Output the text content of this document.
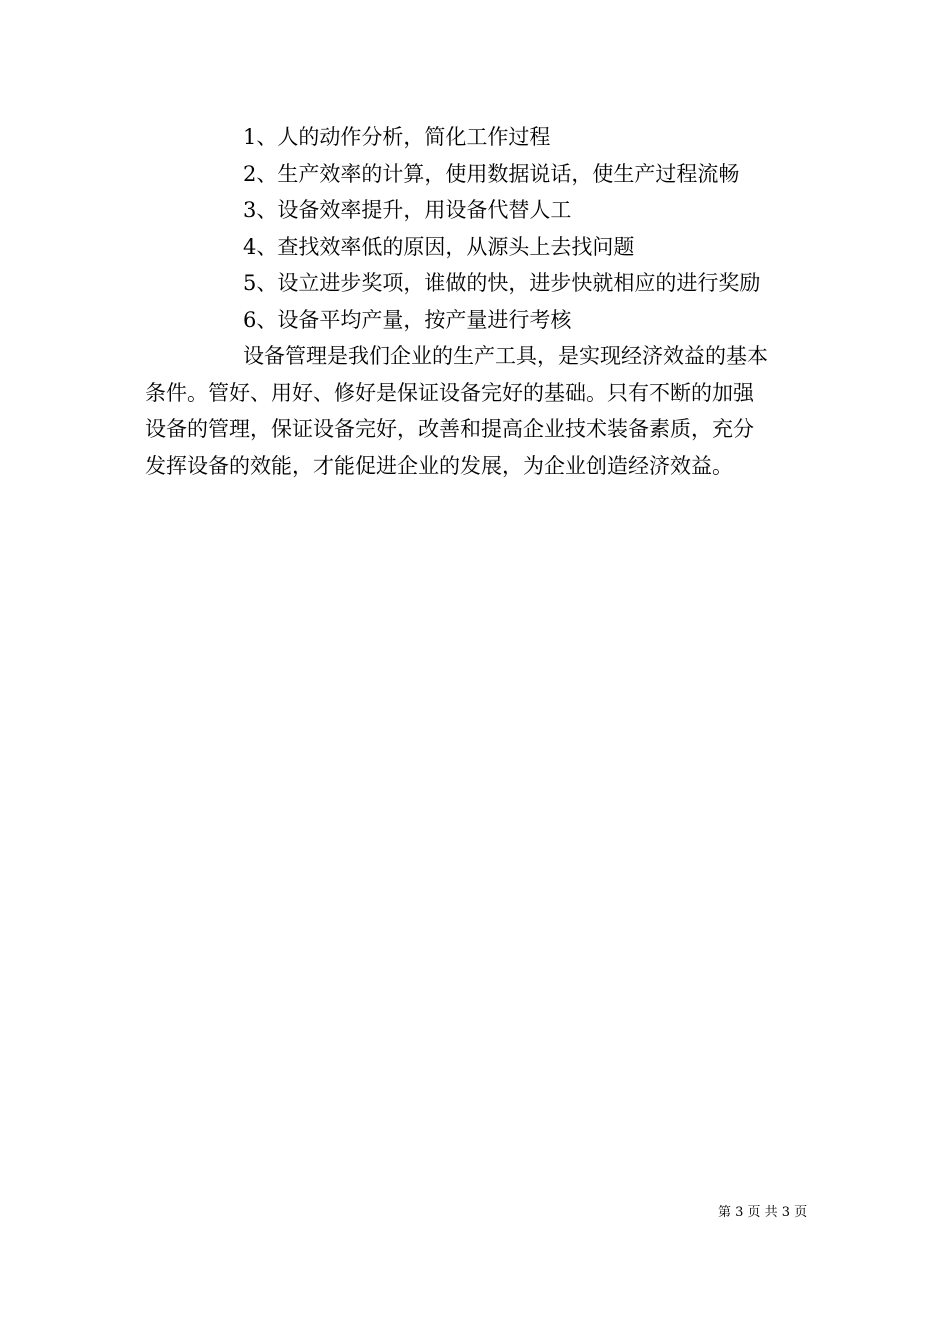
1、人的动作分析，简化工作过程
2、生产效率的计算，使用数据说话，使生产过程流畅
3、设备效率提升，用设备代替人工
4、查找效率低的原因，从源头上去找问题
5、设立进步奖项，谁做的快，进步快就相应的进行奖励
6、设备平均产量，按产量进行考核
设备管理是我们企业的生产工具，是实现经济效益的基本
条件。管好、用好、修好是保证设备完好的基础。只有不断的加强
设备的管理，保证设备完好，改善和提高企业技术装备素质，充分
发挥设备的效能，才能促进企业的发展，为企业创造经济效益。
第 3 页 共 3 页
